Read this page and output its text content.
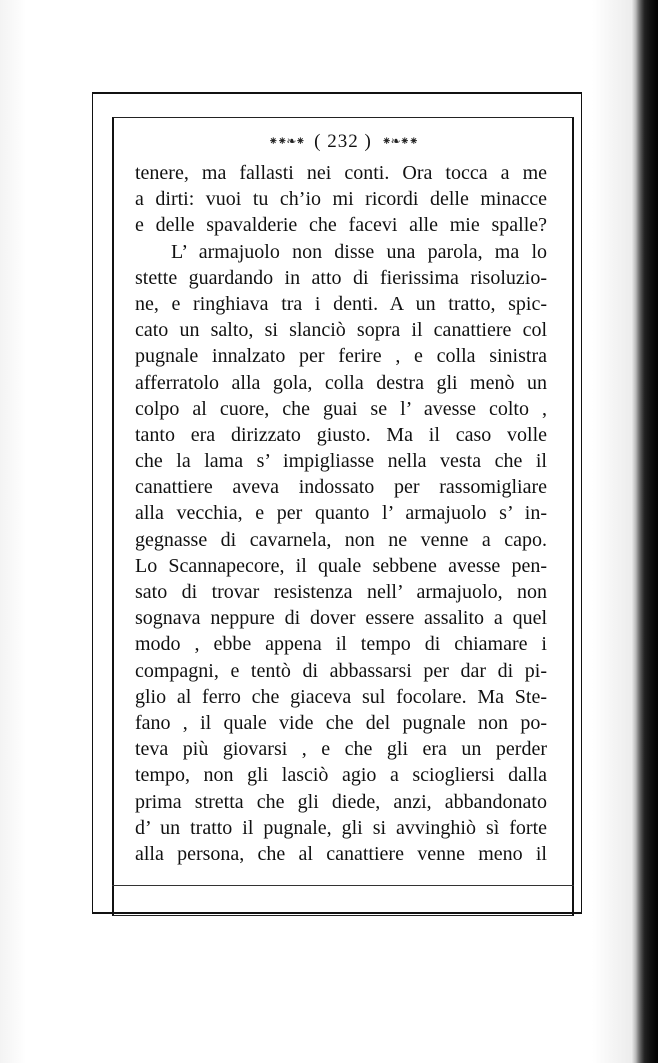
⁕⁕❧⁕ ( 232 ) ⁕❧⁕⁕
tenere, ma fallasti nei conti. Ora tocca a me
a dirti: vuoi tu ch’io mi ricordi delle minacce
e delle spavalderie che facevi alle mie spalle?
L’ armajuolo non disse una parola, ma lo
stette guardando in atto di fierissima risoluzio-
ne, e ringhiava tra i denti. A un tratto, spic-
cato un salto, si slanciò sopra il canattiere col
pugnale innalzato per ferire , e colla sinistra
afferratolo alla gola, colla destra gli menò un
colpo al cuore, che guai se l’ avesse colto ,
tanto era dirizzato giusto. Ma il caso volle
che la lama s’ impigliasse nella vesta che il
canattiere aveva indossato per rassomigliare
alla vecchia, e per quanto l’ armajuolo s’ in-
gegnasse di cavarnela, non ne venne a capo.
Lo Scannapecore, il quale sebbene avesse pen-
sato di trovar resistenza nell’ armajuolo, non
sognava neppure di dover essere assalito a quel
modo , ebbe appena il tempo di chiamare i
compagni, e tentò di abbassarsi per dar di pi-
glio al ferro che giaceva sul focolare. Ma Ste-
fano , il quale vide che del pugnale non po-
teva più giovarsi , e che gli era un perder
tempo, non gli lasciò agio a sciogliersi dalla
prima stretta che gli diede, anzi, abbandonato
d’ un tratto il pugnale, gli si avvinghiò sì forte
alla persona, che al canattiere venne meno il
